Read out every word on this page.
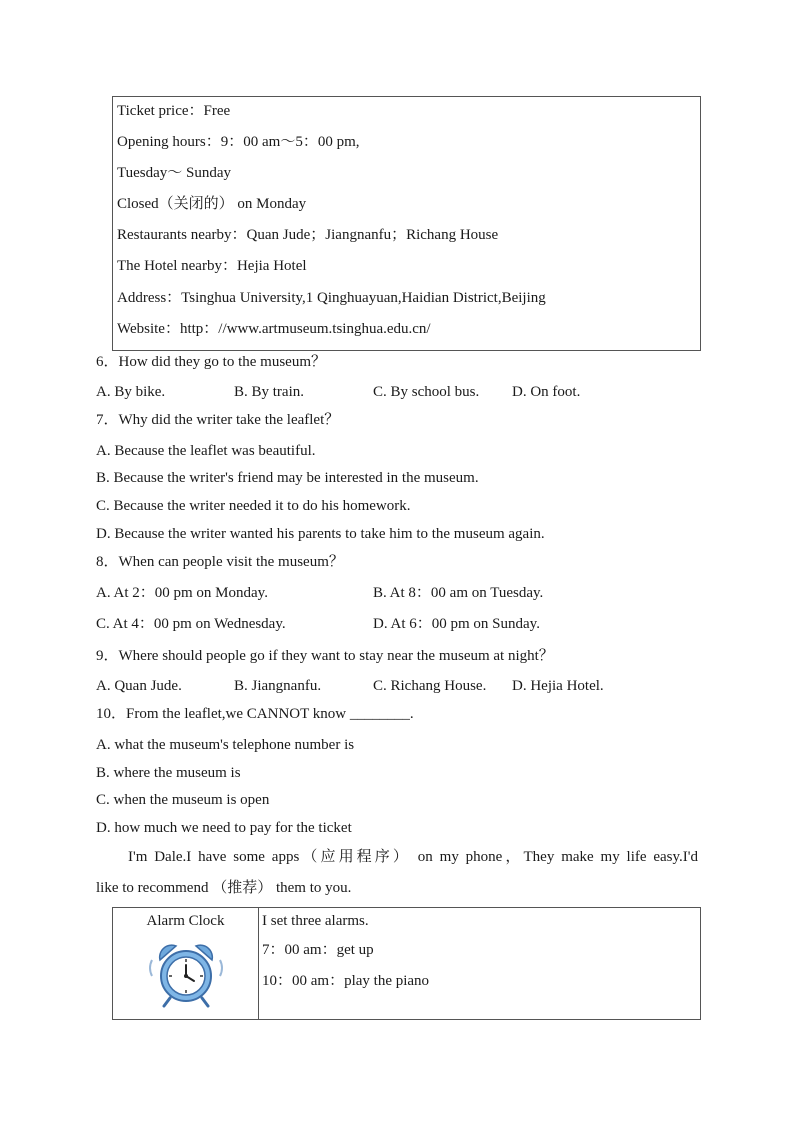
Ticket price：Free
Opening hours：9：00 am～5：00 pm,
Tuesday～ Sunday
Closed（关闭的） on Monday
Restaurants nearby：Quan Jude；Jiangnanfu；Richang House
The Hotel nearby：Hejia Hotel
Address：Tsinghua University,1 Qinghuayuan,Haidian District,Beijing
Website：http：//www.artmuseum.tsinghua.edu.cn/
6．How did they go to the museum？
A. By bike.	B. By train.	C. By school bus. D. On foot.
7．Why did the writer take the leaflet？
A. Because the leaflet was beautiful.
B. Because the writer's friend may be interested in the museum.
C. Because the writer needed it to do his homework.
D. Because the writer wanted his parents to take him to the museum again.
8．When can people visit the museum？
A. At 2：00 pm on Monday.	B. At 8：00 am on Tuesday.
C. At 4：00 pm on Wednesday.	D. At 6：00 pm on Sunday.
9．Where should people go if they want to stay near the museum at night？
A. Quan Jude.	B. Jiangnanfu.	C. Richang House. D. Hejia Hotel.
10．From the leaflet,we CANNOT know ________.
A. what the museum's telephone number is
B. where the museum is
C. when the museum is open
D. how much we need to pay for the ticket
I'm Dale.I have some apps（应用程序） on my phone，They make my life easy.I'd
like to recommend （推荐） them to you.
Alarm Clock	I set three alarms.
7：00 am：get up
10：00 am：play the piano
